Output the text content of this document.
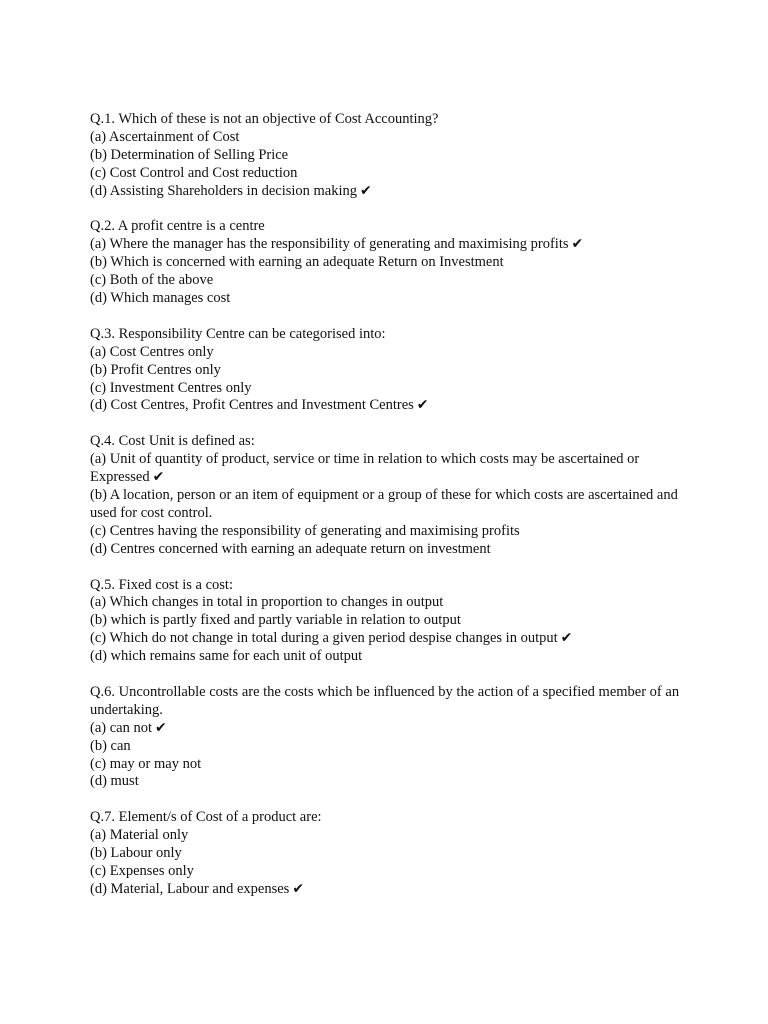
Q.1. Which of these is not an objective of Cost Accounting?
(a) Ascertainment of Cost
(b) Determination of Selling Price
(c) Cost Control and Cost reduction
(d) Assisting Shareholders in decision making ✔
Q.2. A profit centre is a centre
(a) Where the manager has the responsibility of generating and maximising profits ✔
(b) Which is concerned with earning an adequate Return on Investment
(c) Both of the above
(d) Which manages cost
Q.3. Responsibility Centre can be categorised into:
(a) Cost Centres only
(b) Profit Centres only
(c) Investment Centres only
(d) Cost Centres, Profit Centres and Investment Centres ✔
Q.4. Cost Unit is defined as:
(a) Unit of quantity of product, service or time in relation to which costs may be ascertained or Expressed ✔
(b) A location, person or an item of equipment or a group of these for which costs are ascertained and used for cost control.
(c) Centres having the responsibility of generating and maximising profits
(d) Centres concerned with earning an adequate return on investment
Q.5. Fixed cost is a cost:
(a) Which changes in total in proportion to changes in output
(b) which is partly fixed and partly variable in relation to output
(c) Which do not change in total during a given period despise changes in output ✔
(d) which remains same for each unit of output
Q.6. Uncontrollable costs are the costs which be influenced by the action of a specified member of an
undertaking.
(a) can not ✔
(b) can
(c) may or may not
(d) must
Q.7. Element/s of Cost of a product are:
(a) Material only
(b) Labour only
(c) Expenses only
(d) Material, Labour and expenses ✔
